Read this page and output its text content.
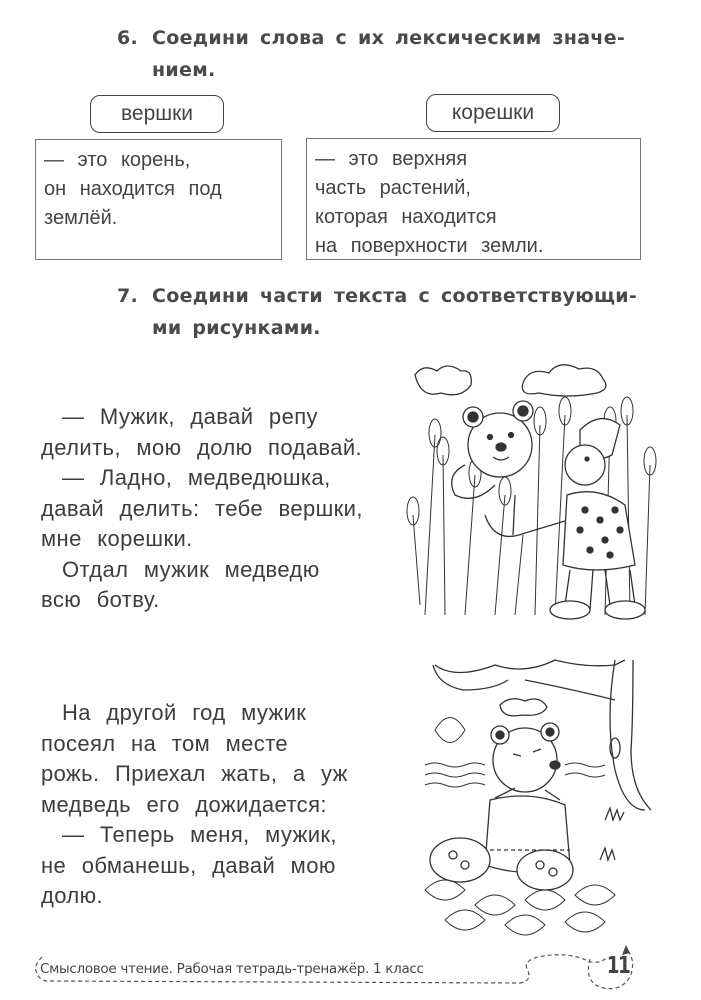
6. Соедини слова с их лексическим значе-
нием.
вершки	корешки
— это корень,
он находится под
землёй.
— это верхняя
часть растений,
которая находится
на поверхности земли.
7. Соедини части текста с соответствующи-
ми рисунками.

— Мужик, давай репу

делить, мою долю подавай.

— Ладно, медведюшка,

давай делить: тебе вершки,

мне корешки.

Отдал мужик медведю

всю ботву.

На другой год мужик

посеял на том месте

рожь. Приехал жать, а уж

медведь его дожидается:

— Теперь меня, мужик,

не обманешь, давай мою

долю.

Смысловое чтение. Рабочая тетрадь-тренажёр. 1 класс	11
